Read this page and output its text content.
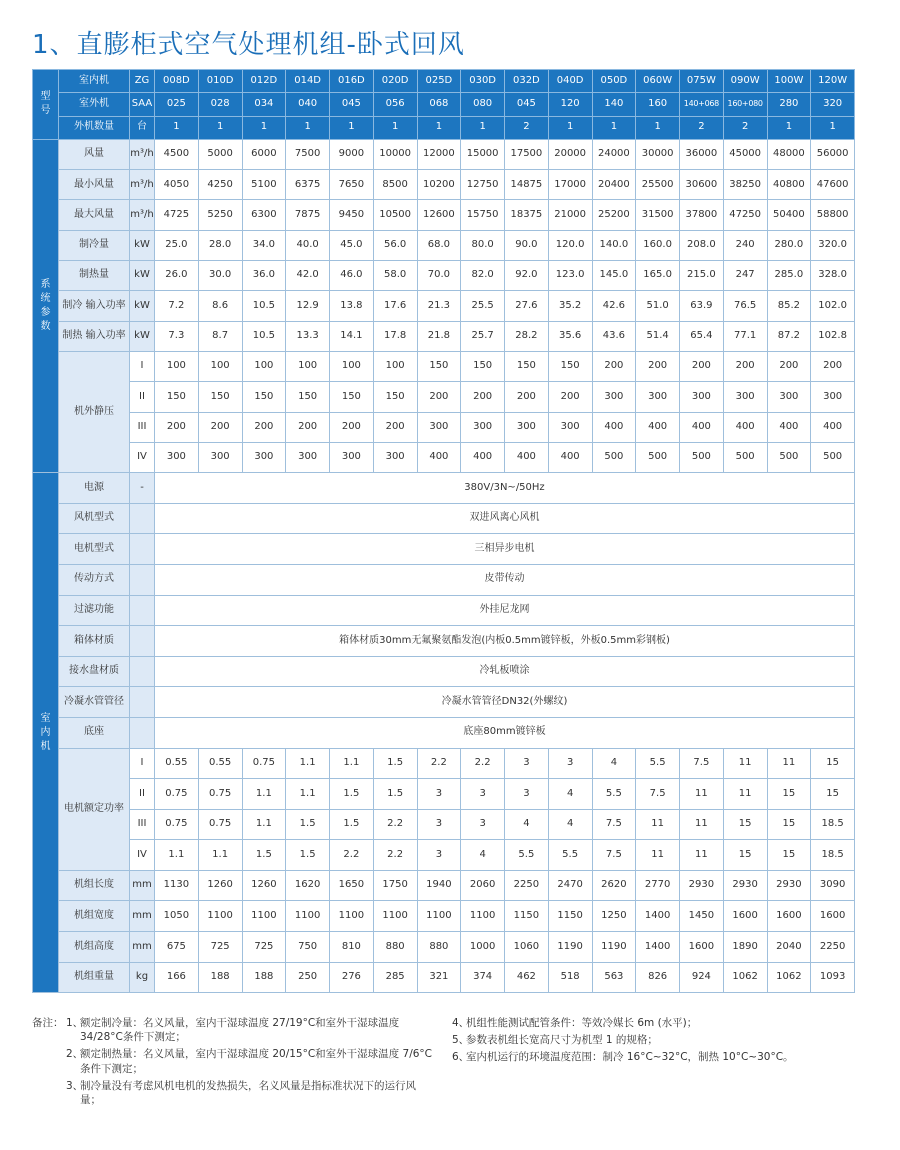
1、直膨柜式空气处理机组-卧式回风
型号	室内机	ZG	008D	010D	012D	014D	016D	020D	025D	030D	032D	040D	050D	060W	075W	090W	100W	120W
	室外机	SAA	025	028	034	040	045	056	068	080	045	120	140	160	140+068	160+080	280	320
	外机数量	台	1	1	1	1	1	1	1	1	2	1	1	1	2	2	1	1
系统参数	风量	m³/h	4500	5000	6000	7500	9000	10000	12000	15000	17500	20000	24000	30000	36000	45000	48000	56000
	最小风量	m³/h	4050	4250	5100	6375	7650	8500	10200	12750	14875	17000	20400	25500	30600	38250	40800	47600
	最大风量	m³/h	4725	5250	6300	7875	9450	10500	12600	15750	18375	21000	25200	31500	37800	47250	50400	58800
	制冷量	kW	25.0	28.0	34.0	40.0	45.0	56.0	68.0	80.0	90.0	120.0	140.0	160.0	208.0	240	280.0	320.0
	制热量	kW	26.0	30.0	36.0	42.0	46.0	58.0	70.0	82.0	92.0	123.0	145.0	165.0	215.0	247	285.0	328.0
	制冷 输入功率	kW	7.2	8.6	10.5	12.9	13.8	17.6	21.3	25.5	27.6	35.2	42.6	51.0	63.9	76.5	85.2	102.0
	制热 输入功率	kW	7.3	8.7	10.5	13.3	14.1	17.8	21.8	25.7	28.2	35.6	43.6	51.4	65.4	77.1	87.2	102.8
	机外静压	I	100	100	100	100	100	100	150	150	150	150	200	200	200	200	200	200
		II	150	150	150	150	150	150	200	200	200	200	300	300	300	300	300	300
		III	200	200	200	200	200	200	300	300	300	300	400	400	400	400	400	400
		IV	300	300	300	300	300	300	400	400	400	400	500	500	500	500	500	500
室内机	电源	-	380V/3N~/50Hz															
	风机型式		双进风离心风机															
	电机型式		三相异步电机															
	传动方式		皮带传动															
	过滤功能		外挂尼龙网															
	箱体材质		箱体材质30mm无氟聚氨酯发泡(内板0.5mm镀锌板，外板0.5mm彩钢板)															
	接水盘材质		冷轧板喷涂															
	冷凝水管管径		冷凝水管管径DN32(外螺纹)															
	底座		底座80mm镀锌板															
	电机额定功率	I	0.55	0.55	0.75	1.1	1.1	1.5	2.2	2.2	3	3	4	5.5	7.5	11	11	15
		II	0.75	0.75	1.1	1.1	1.5	1.5	3	3	3	4	5.5	7.5	11	11	15	15
		III	0.75	0.75	1.1	1.5	1.5	2.2	3	3	4	4	7.5	11	11	15	15	18.5
		IV	1.1	1.1	1.5	1.5	2.2	2.2	3	4	5.5	5.5	7.5	11	11	15	15	18.5
	机组长度	mm	1130	1260	1260	1620	1650	1750	1940	2060	2250	2470	2620	2770	2930	2930	2930	3090
	机组宽度	mm	1050	1100	1100	1100	1100	1100	1100	1100	1150	1150	1250	1400	1450	1600	1600	1600
	机组高度	mm	675	725	725	750	810	880	880	1000	1060	1190	1190	1400	1600	1890	2040	2250
	机组重量	kg	166	188	188	250	276	285	321	374	462	518	563	826	924	1062	1062	1093
备注： 1、
额定制冷量：名义风量，室内干湿球温度 27/19°C和室外干湿球温度 34/28°C条件下测定；
2、
额定制热量：名义风量，室内干湿球温度 20/15°C和室外干湿球温度 7/6°C条件下测定；
3、
制冷量没有考虑风机电机的发热损失，名义风量是指标准状况下的运行风量；
4、
机组性能测试配管条件：等效冷媒长 6m (水平)；
5、
参数表机组长宽高尺寸为机型 1 的规格；
6、
室内机运行的环境温度范围：制冷 16°C~32°C，制热 10°C~30°C。
